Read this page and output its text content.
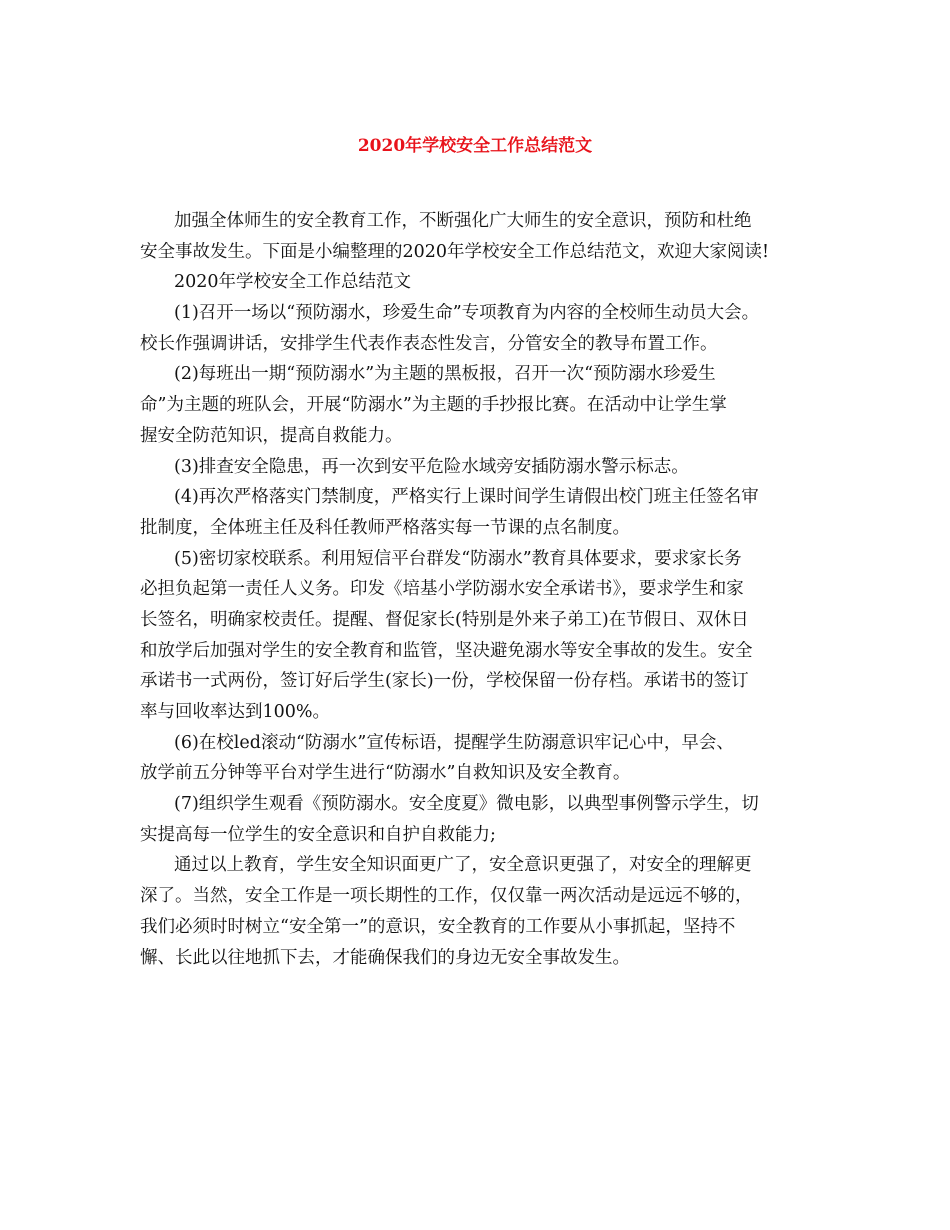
2020年学校安全工作总结范文
加强全体师生的安全教育工作，不断强化广大师生的安全意识，预防和杜绝
安全事故发生。下面是小编整理的2020年学校安全工作总结范文，欢迎大家阅读!
2020年学校安全工作总结范文
(1)召开一场以“预防溺水，珍爱生命”专项教育为内容的全校师生动员大会。
校长作强调讲话，安排学生代表作表态性发言，分管安全的教导布置工作。
(2)每班出一期“预防溺水”为主题的黑板报，召开一次“预防溺水珍爱生
命”为主题的班队会，开展“防溺水”为主题的手抄报比赛。在活动中让学生掌
握安全防范知识，提高自救能力。
(3)排查安全隐患，再一次到安平危险水域旁安插防溺水警示标志。
(4)再次严格落实门禁制度，严格实行上课时间学生请假出校门班主任签名审
批制度，全体班主任及科任教师严格落实每一节课的点名制度。
(5)密切家校联系。利用短信平台群发“防溺水”教育具体要求，要求家长务
必担负起第一责任人义务。印发《培基小学防溺水安全承诺书》，要求学生和家
长签名，明确家校责任。提醒、督促家长(特别是外来子弟工)在节假日、双休日
和放学后加强对学生的安全教育和监管，坚决避免溺水等安全事故的发生。安全
承诺书一式两份，签订好后学生(家长)一份，学校保留一份存档。承诺书的签订
率与回收率达到100%。
(6)在校led滚动“防溺水”宣传标语，提醒学生防溺意识牢记心中，早会、
放学前五分钟等平台对学生进行“防溺水”自救知识及安全教育。
(7)组织学生观看《预防溺水。安全度夏》微电影，以典型事例警示学生，切
实提高每一位学生的安全意识和自护自救能力;
通过以上教育，学生安全知识面更广了，安全意识更强了，对安全的理解更
深了。当然，安全工作是一项长期性的工作，仅仅靠一两次活动是远远不够的，
我们必须时时树立“安全第一”的意识，安全教育的工作要从小事抓起，坚持不
懈、长此以往地抓下去，才能确保我们的身边无安全事故发生。
